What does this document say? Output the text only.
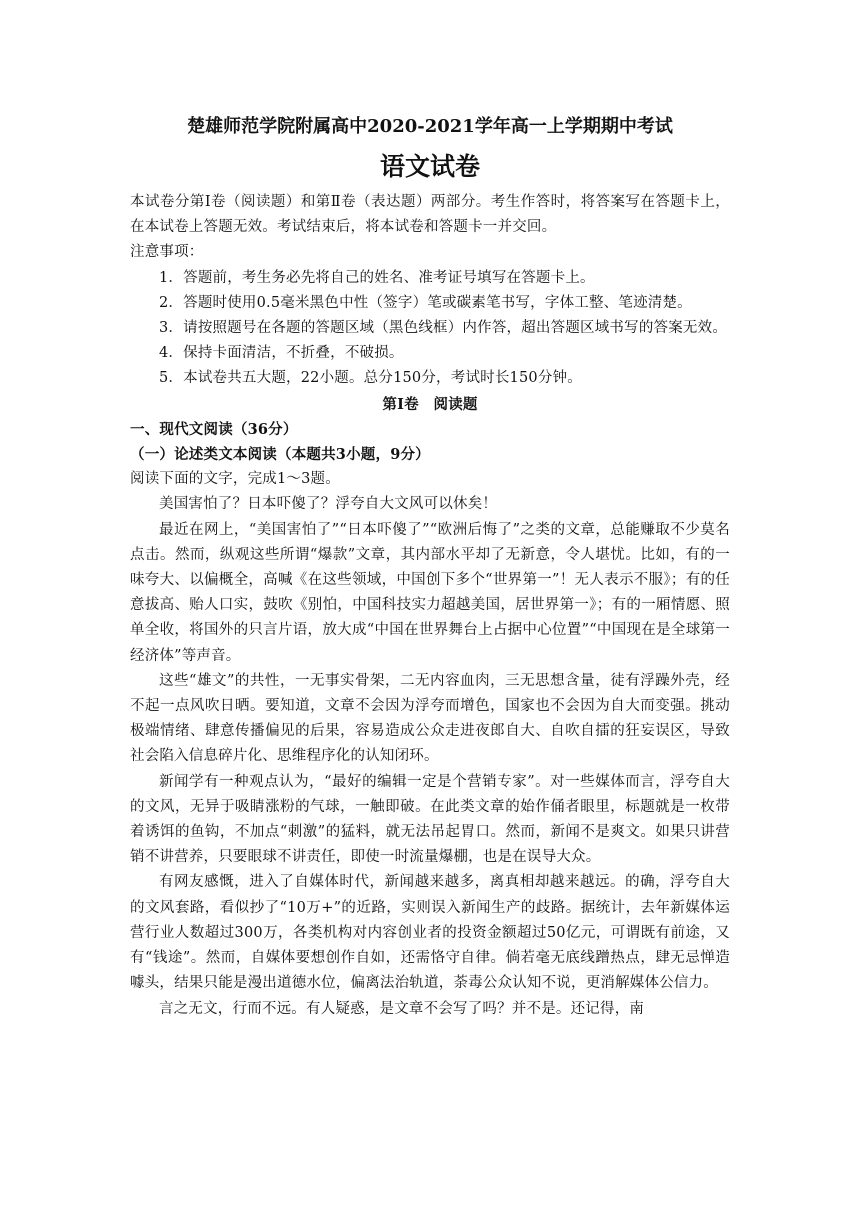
楚雄师范学院附属高中2020-2021学年高一上学期期中考试
语文试卷

本试卷分第Ⅰ卷（阅读题）和第Ⅱ卷（表达题）两部分。考生作答时，将答案写在答题卡上，在本试卷上答题无效。考试结束后，将本试卷和答题卡一并交回。

注意事项：

1．答题前，考生务必先将自己的姓名、准考证号填写在答题卡上。

2．答题时使用0.5毫米黑色中性（签字）笔或碳素笔书写，字体工整、笔迹清楚。

3．请按照题号在各题的答题区域（黑色线框）内作答，超出答题区域书写的答案无效。

4．保持卡面清洁，不折叠，不破损。

5．本试卷共五大题，22小题。总分150分，考试时长150分钟。

第Ⅰ卷　阅读题

一、现代文阅读（36分）

（一）论述类文本阅读（本题共3小题，9分）

阅读下面的文字，完成1～3题。

美国害怕了？日本吓傻了？浮夸自大文风可以休矣！

最近在网上，“美国害怕了”“日本吓傻了”“欧洲后悔了”之类的文章，总能赚取不少莫名点击。然而，纵观这些所谓“爆款”文章，其内部水平却了无新意，令人堪忧。比如，有的一味夸大、以偏概全，高喊《在这些领域，中国创下多个“世界第一”！无人表示不服》；有的任意拔高、贻人口实，鼓吹《别怕，中国科技实力超越美国，居世界第一》；有的一厢情愿、照单全收，将国外的只言片语，放大成“中国在世界舞台上占据中心位置”“中国现在是全球第一经济体”等声音。

这些“雄文”的共性，一无事实骨架，二无内容血肉，三无思想含量，徒有浮躁外壳，经不起一点风吹日晒。要知道，文章不会因为浮夸而增色，国家也不会因为自大而变强。挑动极端情绪、肆意传播偏见的后果，容易造成公众走进夜郎自大、自吹自擂的狂妄误区，导致社会陷入信息碎片化、思维程序化的认知闭环。

新闻学有一种观点认为，“最好的编辑一定是个营销专家”。对一些媒体而言，浮夸自大的文风，无异于吸睛涨粉的气球，一触即破。在此类文章的始作俑者眼里，标题就是一枚带着诱饵的鱼钩，不加点“刺激”的猛料，就无法吊起胃口。然而，新闻不是爽文。如果只讲营销不讲营养，只要眼球不讲责任，即使一时流量爆棚，也是在误导大众。

有网友感慨，进入了自媒体时代，新闻越来越多，离真相却越来越远。的确，浮夸自大的文风套路，看似抄了“10万+”的近路，实则误入新闻生产的歧路。据统计，去年新媒体运营行业人数超过300万，各类机构对内容创业者的投资金额超过50亿元，可谓既有前途，又有“钱途”。然而，自媒体要想创作自如，还需恪守自律。倘若毫无底线蹭热点，肆无忌惮造噱头，结果只能是漫出道德水位，偏离法治轨道，荼毒公众认知不说，更消解媒体公信力。

言之无文，行而不远。有人疑惑，是文章不会写了吗？并不是。还记得，南
